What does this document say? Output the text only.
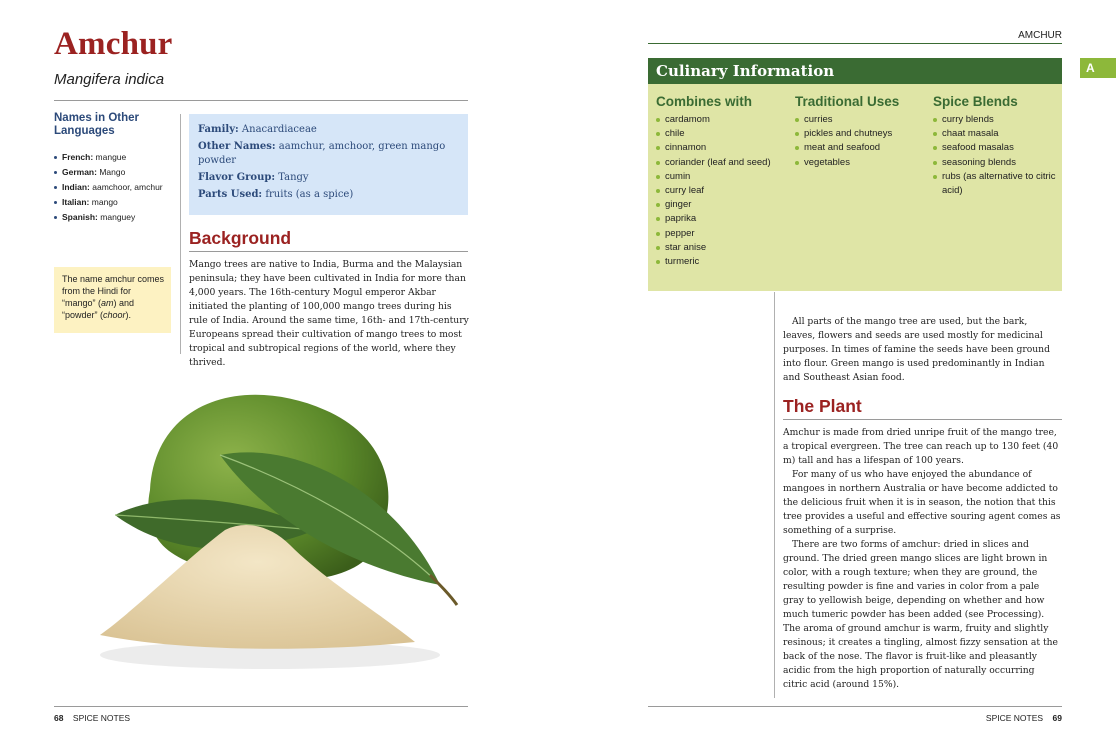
Amchur

Mangifera indica

Names in Other Languages
French: mangue
German: Mango
Indian: aamchoor, amchur
Italian: mango
Spanish: manguey
The name amchur comes from the Hindi for “mango” (am) and “powder” (choor).

Family: Anacardiaceae

Other Names: aamchur, amchoor, green mango powder

Flavor Group: Tangy

Parts Used: fruits (as a spice)

Background

Mango trees are native to India, Burma and the Malaysian peninsula; they have been cultivated in India for more than 4,000 years. The 16th-century Mogul emperor Akbar initiated the planting of 100,000 mango trees during his rule of India. Around the same time, 16th- and 17th-century Europeans spread their cultivation of mango trees to most tropical and subtropical regions of the world, where they thrived.

68 SPICE NOTES
AMCHUR
A
Culinary Information
Combines with
cardamom
chile
cinnamon
coriander (leaf and seed)
cumin
curry leaf
ginger
paprika
pepper
star anise
turmeric
Traditional Uses
curries
pickles and chutneys
meat and seafood
vegetables
Spice Blends
curry blends
chaat masala
seafood masalas
seasoning blends
rubs (as alternative to citric acid)

All parts of the mango tree are used, but the bark, leaves, flowers and seeds are used mostly for medicinal purposes. In times of famine the seeds have been ground into flour. Green mango is used predominantly in Indian and Southeast Asian food.

The Plant
Amchur is made from dried unripe fruit of the mango tree, a tropical evergreen. The tree can reach up to 130 feet (40 m) tall and has a lifespan of 100 years.
For many of us who have enjoyed the abundance of mangoes in northern Australia or have become addicted to the delicious fruit when it is in season, the notion that this tree provides a useful and effective souring agent comes as something of a surprise.
There are two forms of amchur: dried in slices and ground. The dried green mango slices are light brown in color, with a rough texture; when they are ground, the resulting powder is fine and varies in color from a pale gray to yellowish beige, depending on whether and how much tumeric powder has been added (see Processing). The aroma of ground amchur is warm, fruity and slightly resinous; it creates a tingling, almost fizzy sensation at the back of the nose. The flavor is fruit-like and pleasantly acidic from the high proportion of naturally occurring citric acid (around 15%).
SPICE NOTES 69
